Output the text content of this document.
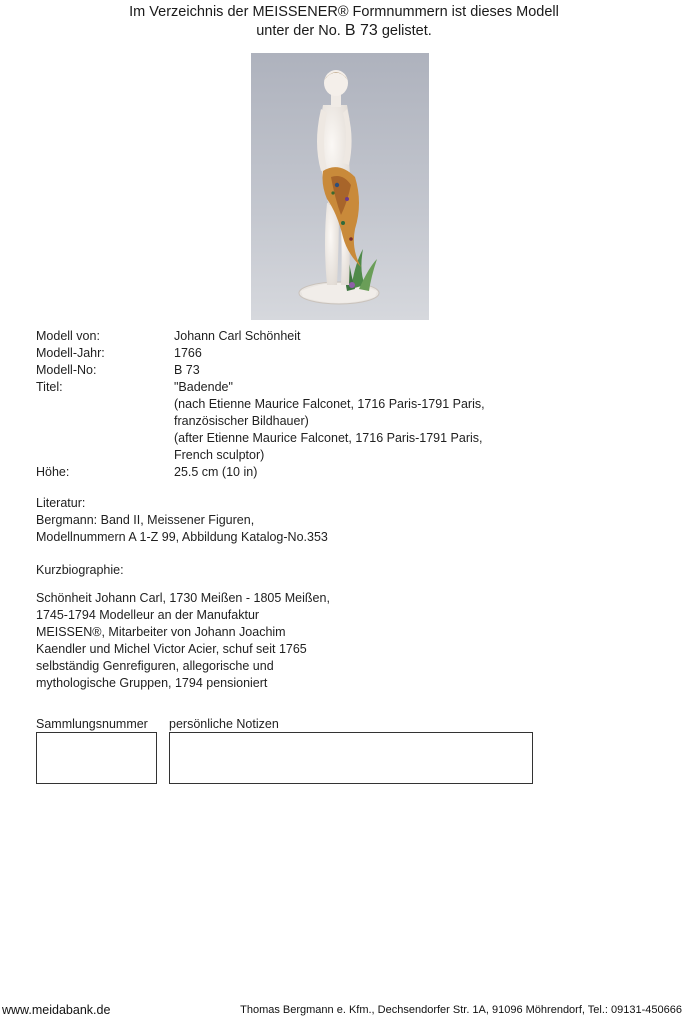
Im Verzeichnis der MEISSENER® Formnummern ist dieses Modell
unter der No. B 73 gelistet.
Modell von:	Johann Carl Schönheit
Modell-Jahr:	1766
Modell-No:	B 73
Titel:	"Badende"
(nach Etienne Maurice Falconet, 1716 Paris-1791 Paris,
französischer Bildhauer)
(after Etienne Maurice Falconet, 1716 Paris-1791 Paris,
French sculptor)
Höhe:	25.5 cm (10 in)
Literatur:
Bergmann: Band II, Meissener Figuren,
Modellnummern A 1-Z 99, Abbildung Katalog-No.353
Kurzbiographie:
Schönheit Johann Carl, 1730 Meißen - 1805 Meißen,
1745-1794 Modelleur an der Manufaktur
MEISSEN®, Mitarbeiter von Johann Joachim
Kaendler und Michel Victor Acier, schuf seit 1765
selbständig Genrefiguren, allegorische und
mythologische Gruppen, 1794 pensioniert
Sammlungsnummer persönliche Notizen
www.meidabank.de	Thomas Bergmann e. Kfm., Dechsendorfer Str. 1A, 91096 Möhrendorf, Tel.: 09131-450666
